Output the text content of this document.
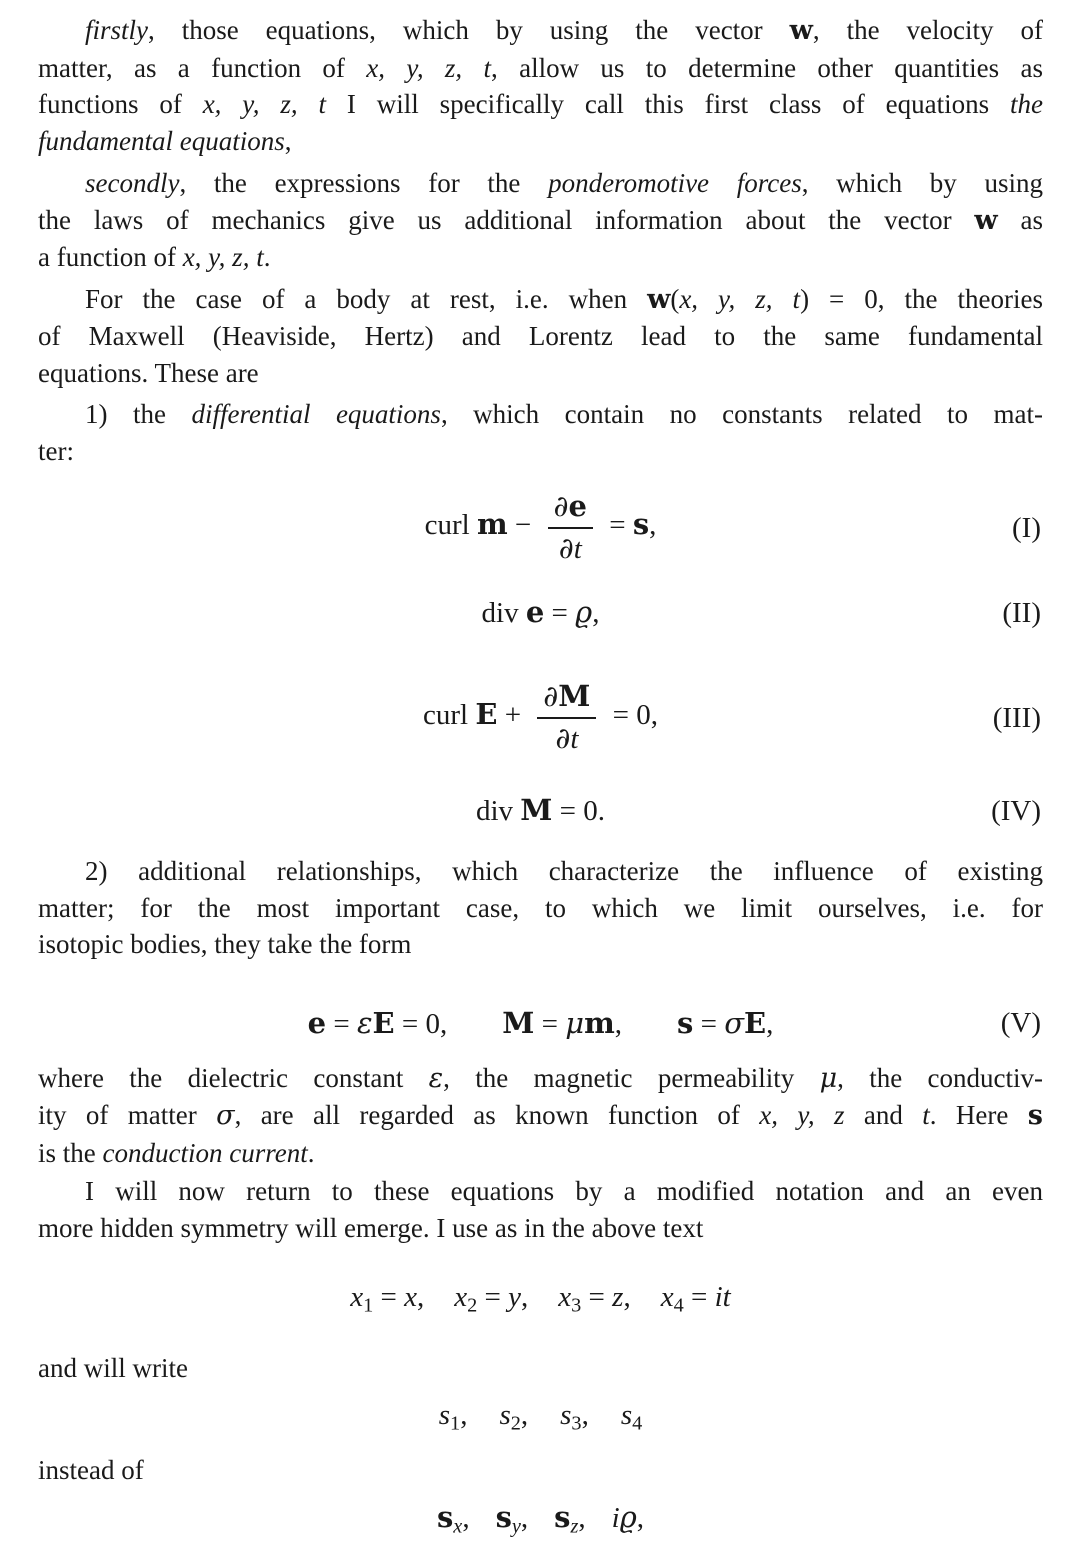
firstly, those equations, which by using the vector w, the velocity of
matter, as a function of x, y, z, t, allow us to determine other quantities as
functions of x, y, z, t I will specifically call this first class of equations the
fundamental equations,
secondly, the expressions for the ponderomotive forces, which by using
the laws of mechanics give us additional information about the vector w as
a function of x, y, z, t.
For the case of a body at rest, i.e. when w(x, y, z, t) = 0, the theories
of Maxwell (Heaviside, Hertz) and Lorentz lead to the same fundamental
equations. These are
1) the differential equations, which contain no constants related to mat-
ter:
curl $m - \frac{\partial e}{\partial t} = s$,	(I)
div e = ϱ,	(II)
curl $E + \frac{\partial M}{\partial t} = 0$,	(III)
div M = 0.	(IV)
2) additional relationships, which characterize the influence of existing
matter; for the most important case, to which we limit ourselves, i.e. for
isotopic bodies, they take the form
e = εE = 0, M = μm, s = σE,	(V)
where the dielectric constant ε, the magnetic permeability μ, the conductiv-
ity of matter σ, are all regarded as known function of x, y, z and t. Here s
is the conduction current.
I will now return to these equations by a modified notation and an even
more hidden symmetry will emerge. I use as in the above text
x1 = x, x2 = y, x3 = z, x4 = it
and will write
s1, s2, s3, s4
instead of
sx, sy, sz, iϱ,
